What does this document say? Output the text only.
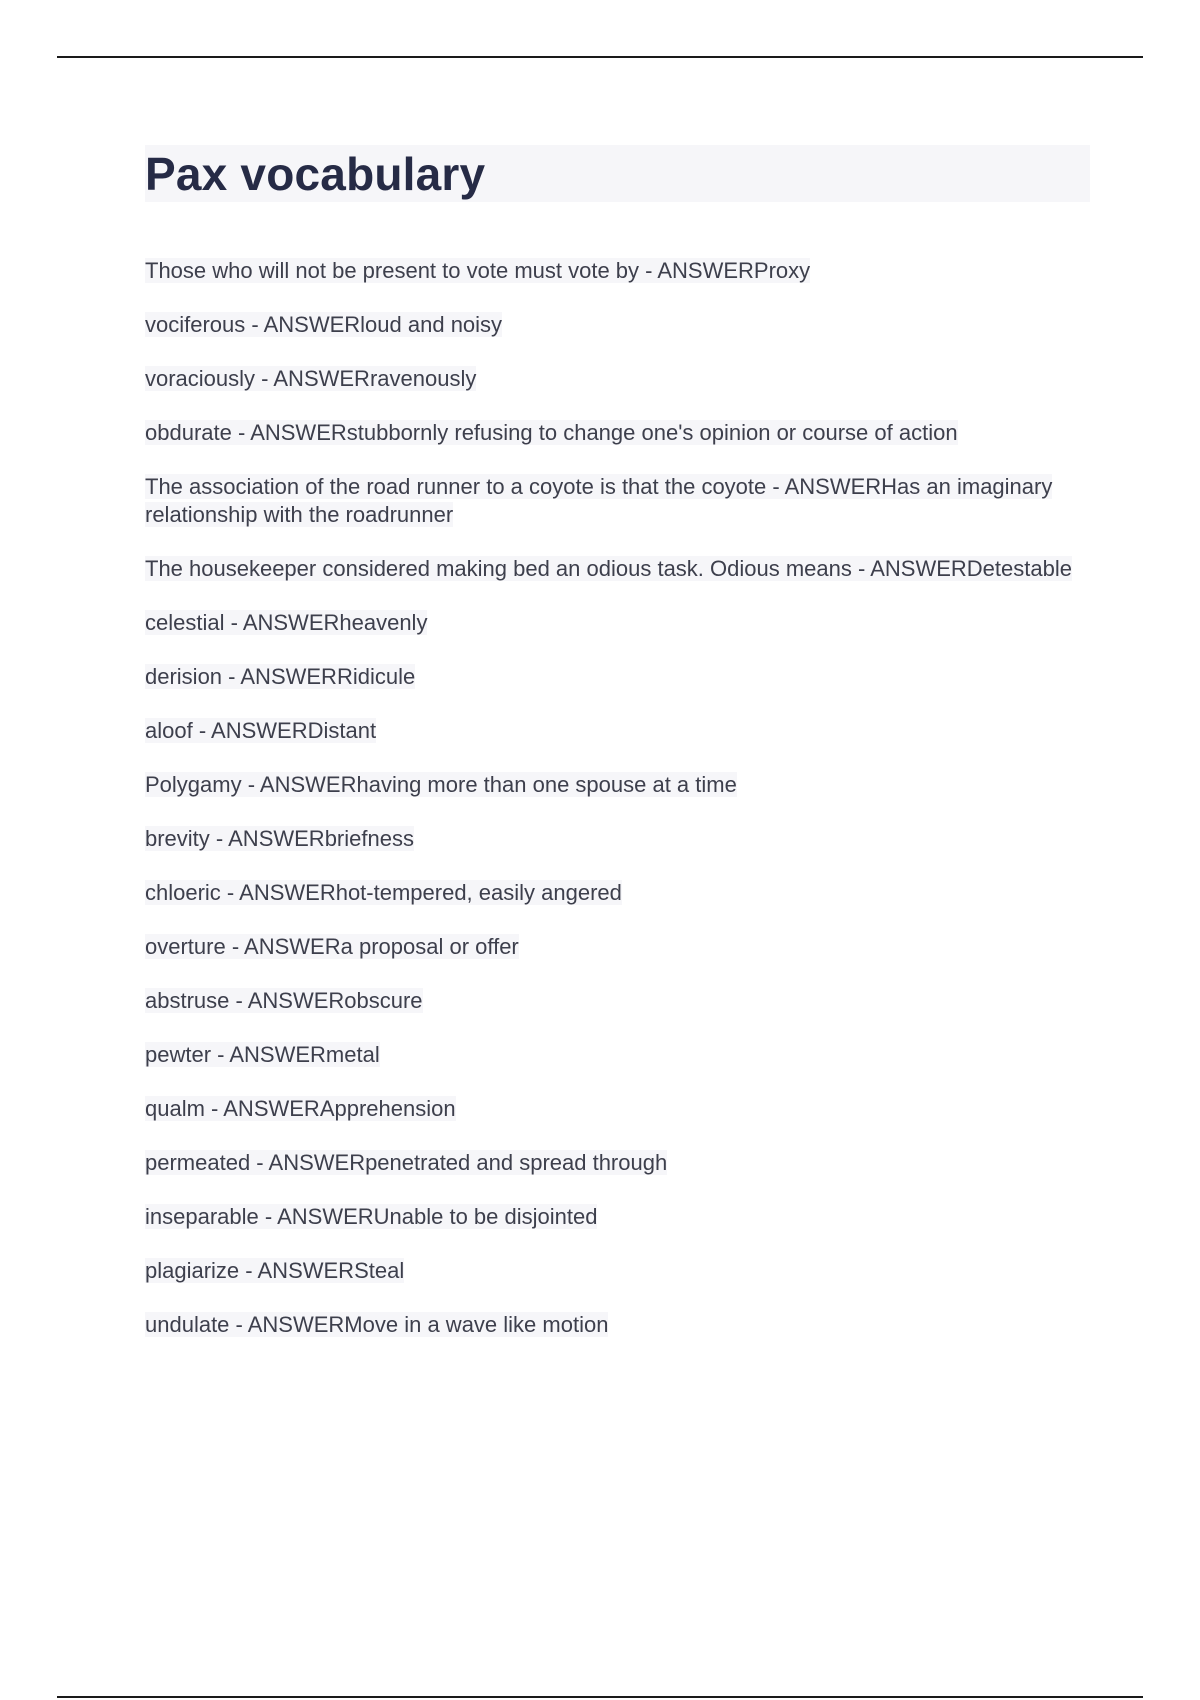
Pax vocabulary
Those who will not be present to vote must vote by - ANSWERProxy
vociferous - ANSWERloud and noisy
voraciously - ANSWERravenously
obdurate - ANSWERstubbornly refusing to change one's opinion or course of action
The association of the road runner to a coyote is that the coyote - ANSWERHas an imaginary relationship with the roadrunner
The housekeeper considered making bed an odious task. Odious means - ANSWERDetestable
celestial - ANSWERheavenly
derision - ANSWERRidicule
aloof - ANSWERDistant
Polygamy - ANSWERhaving more than one spouse at a time
brevity - ANSWERbriefness
chloeric - ANSWERhot-tempered, easily angered
overture - ANSWERa proposal or offer
abstruse - ANSWERobscure
pewter - ANSWERmetal
qualm - ANSWERApprehension
permeated - ANSWERpenetrated and spread through
inseparable - ANSWERUnable to be disjointed
plagiarize - ANSWERSteal
undulate - ANSWERMove in a wave like motion
